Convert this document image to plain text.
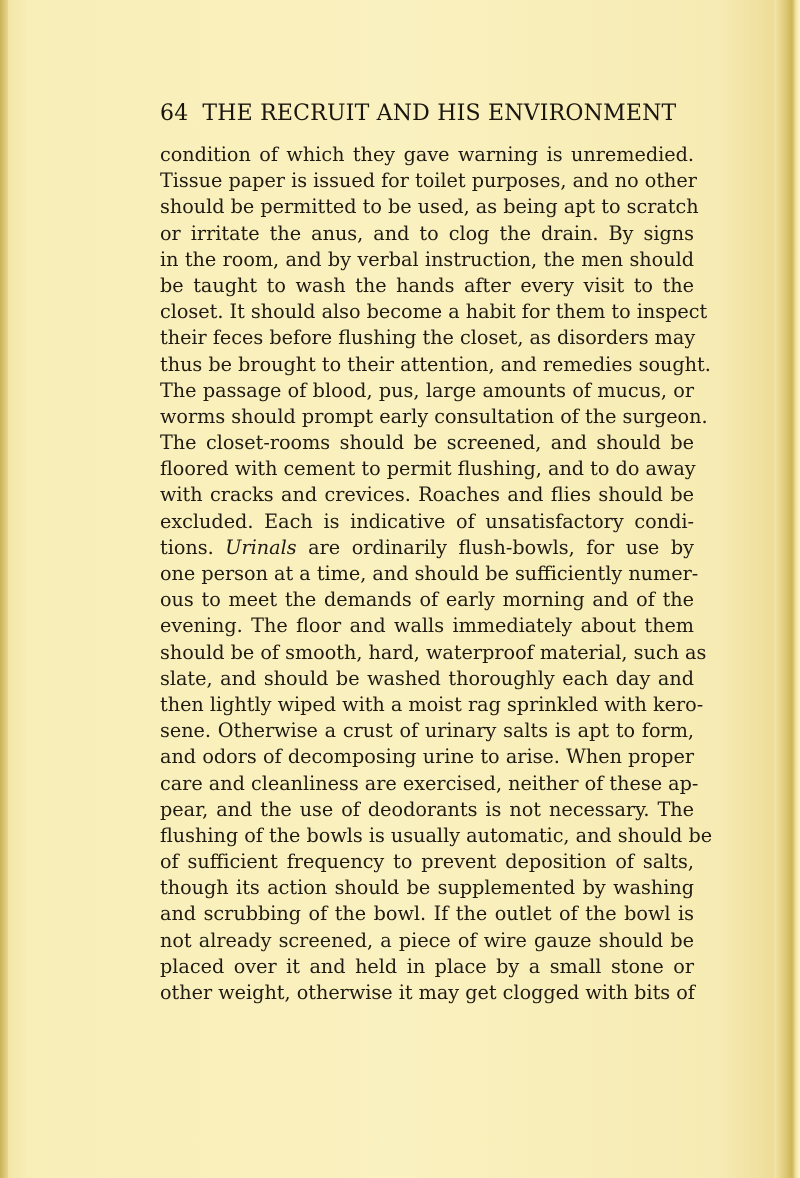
64 THE RECRUIT AND HIS ENVIRONMENT
condition of which they gave warning is unremedied.
Tissue paper is issued for toilet purposes, and no other
should be permitted to be used, as being apt to scratch
or irritate the anus, and to clog the drain. By signs
in the room, and by verbal instruction, the men should
be taught to wash the hands after every visit to the
closet. It should also become a habit for them to inspect
their feces before flushing the closet, as disorders may
thus be brought to their attention, and remedies sought.
The passage of blood, pus, large amounts of mucus, or
worms should prompt early consultation of the surgeon.
The closet-rooms should be screened, and should be
floored with cement to permit flushing, and to do away
with cracks and crevices. Roaches and flies should be
excluded. Each is indicative of unsatisfactory condi-
tions. Urinals are ordinarily flush-bowls, for use by
one person at a time, and should be sufficiently numer-
ous to meet the demands of early morning and of the
evening. The floor and walls immediately about them
should be of smooth, hard, waterproof material, such as
slate, and should be washed thoroughly each day and
then lightly wiped with a moist rag sprinkled with kero-
sene. Otherwise a crust of urinary salts is apt to form,
and odors of decomposing urine to arise. When proper
care and cleanliness are exercised, neither of these ap-
pear, and the use of deodorants is not necessary. The
flushing of the bowls is usually automatic, and should be
of sufficient frequency to prevent deposition of salts,
though its action should be supplemented by washing
and scrubbing of the bowl. If the outlet of the bowl is
not already screened, a piece of wire gauze should be
placed over it and held in place by a small stone or
other weight, otherwise it may get clogged with bits of
